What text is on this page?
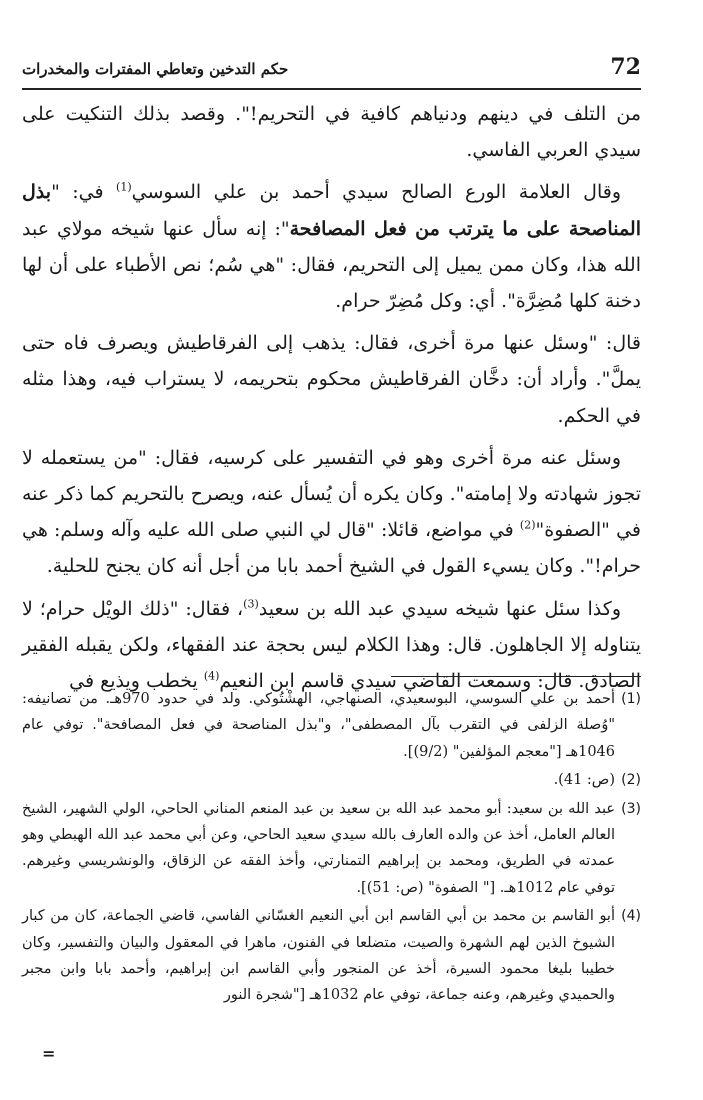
72
حكم التدخين وتعاطي المفترات والمخدرات

من التلف في دينهم ودنياهم كافية في التحريم!". وقصد بذلك التنكيت على سيدي العربي الفاسي.

وقال العلامة الورع الصالح سيدي أحمد بن علي السوسي$^{(1)}$ في: "بذل المناصحة على ما يترتب من فعل المصافحة": إنه سأل عنها شيخه مولاي عبد الله هذا، وكان ممن يميل إلى التحريم، فقال: "هي سُم؛ نص الأطباء على أن لها دخنة كلها مُضِرَّة". أي: وكل مُضِرّ حرام.

قال: "وسئل عنها مرة أخرى، فقال: يذهب إلى الفرقاطيش ويصرف فاه حتى يملَّ". وأراد أن: دخَّان الفرقاطيش محكوم بتحريمه، لا يستراب فيه، وهذا مثله في الحكم.

وسئل عنه مرة أخرى وهو في التفسير على كرسيه، فقال: "من يستعمله لا تجوز شهادته ولا إمامته". وكان يكره أن يُسأل عنه، ويصرح بالتحريم كما ذكر عنه في "الصفوة"$^{(2)}$ في مواضع، قائلا: "قال لي النبي صلى الله عليه وآله وسلم: هي حرام!". وكان يسيء القول في الشيخ أحمد بابا من أجل أنه كان يجنح للحلية.

وكذا سئل عنها شيخه سيدي عبد الله بن سعيد$^{(3)}$، فقال: "ذلك الويْل حرام؛ لا يتناوله إلا الجاهلون. قال: وهذا الكلام ليس بحجة عند الفقهاء، ولكن يقبله الفقير الصادق. قال: وسمعت القاضي سيدي قاسم ابن النعيم$^{(4)}$ يخطب ويذيع في

(1)
أحمد بن علي السوسي، البوسعيدي، الصنهاجي، الهشْتُوكي. ولد في حدود 970هـ. من تصانيفه: "وُصلة الزلفى في التقرب بآل المصطفى"، و"بذل المناصحة في فعل المصافحة". توفي عام 1046هـ ["معجم المؤلفين" (9/2)].
(2)
(ص: 41).
(3)
عبد الله بن سعيد: أبو محمد عبد الله بن سعيد بن عبد المنعم المناني الحاحي، الولي الشهير، الشيخ العالم العامل، أخذ عن والده العارف بالله سيدي سعيد الحاحي، وعن أبي محمد عبد الله الهبطي وهو عمدته في الطريق، ومحمد بن إبراهيم التمنارتي، وأخذ الفقه عن الزقاق، والونشريسي وغيرهم. توفي عام 1012هـ. [" الصفوة" (ص: 51)].
(4)
أبو القاسم بن محمد بن أبي القاسم ابن أبي النعيم الغسّاني الفاسي، قاضي الجماعة، كان من كبار الشيوخ الذين لهم الشهرة والصيت، متضلعا في الفنون، ماهرا في المعقول والبيان والتفسير، وكان خطيبا بليغا محمود السيرة، أخذ عن المنجور وأبي القاسم ابن إبراهيم، وأحمد بابا وابن مجبر والحميدي وغيرهم، وعنه جماعة، توفي عام 1032هـ ["شجرة النور
=
